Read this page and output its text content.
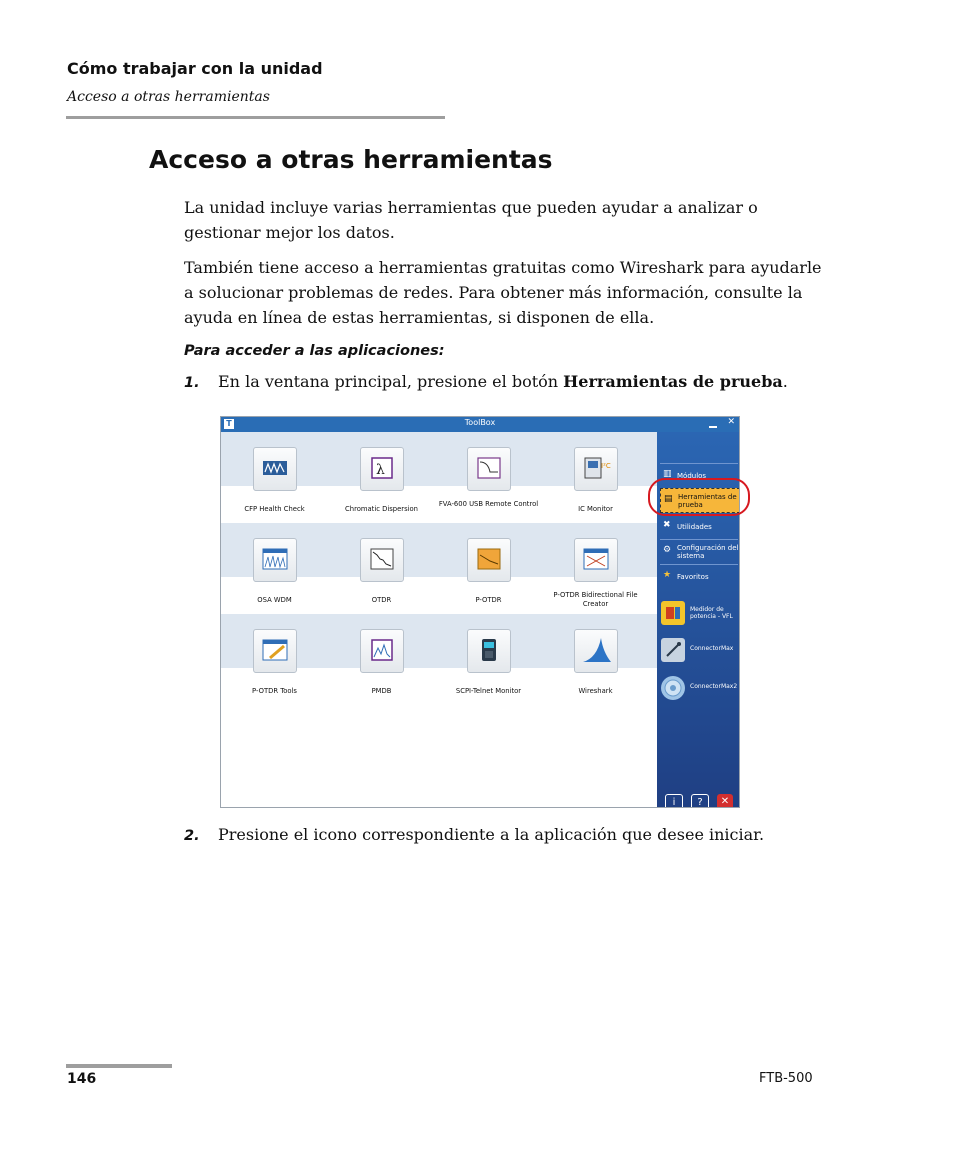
Cómo trabajar con la unidad
Acceso a otras herramientas
Acceso a otras herramientas
La unidad incluye varias herramientas que pueden ayudar a analizar o gestionar mejor los datos.
También tiene acceso a herramientas gratuitas como Wireshark para ayudarle a solucionar problemas de redes. Para obtener más información, consulte la ayuda en línea de estas herramientas, si disponen de ella.
Para acceder a las aplicaciones:
1. En la ventana principal, presione el botón Herramientas de prueba.
T	ToolBox	✕
CFP Health Check
λ
Chromatic Dispersion
FVA-600 USB Remote Control
I²C
IC Monitor
OSA WDM	OTDR	P-OTDR
P-OTDR Bidirectional File Creator
P-OTDR Tools	PMDB	SCPI-Telnet Monitor	Wireshark
▥ Módulos
▤ Herramientas de prueba
✖ Utilidades
⚙ Configuración del sistema
★ Favoritos
Medidor de potencia - VFL
ConnectorMax
ConnectorMax2
i	?	✕
2. Presione el icono correspondiente a la aplicación que desee iniciar.
146	FTB-500
